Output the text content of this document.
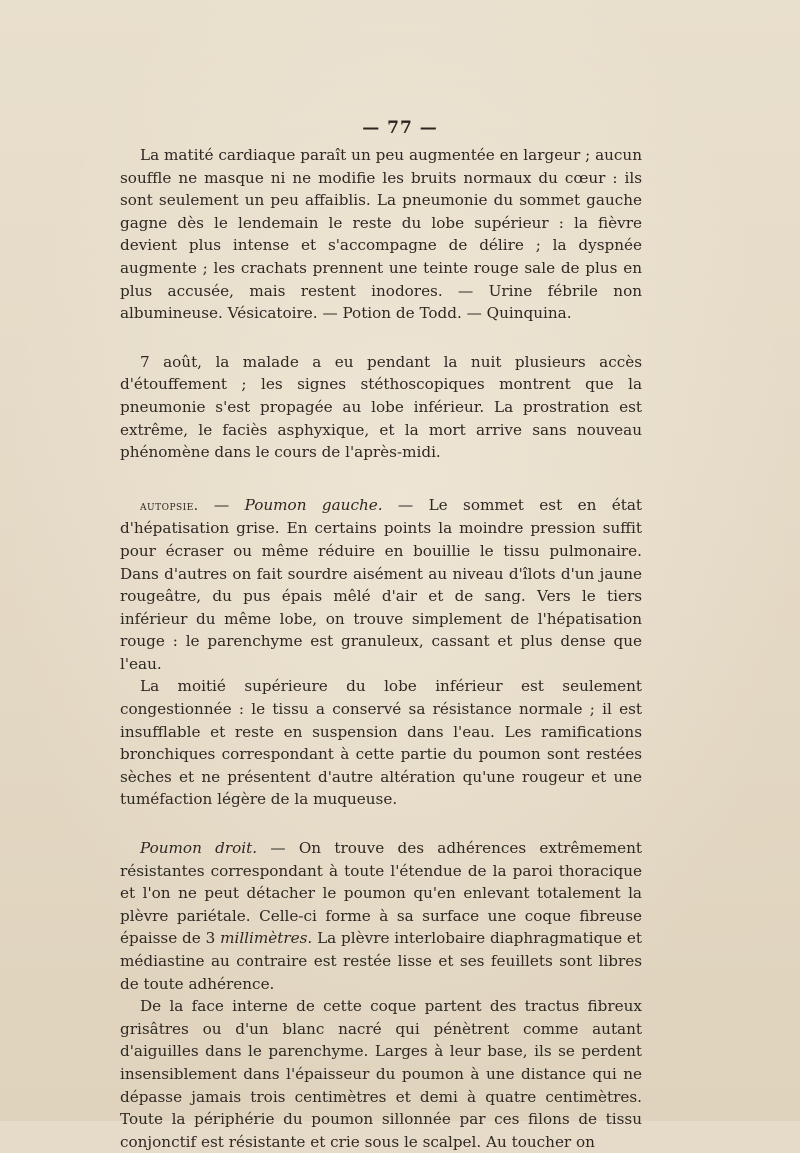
— 77 —

La matité cardiaque paraît un peu augmentée en largeur ; aucun souffle ne masque ni ne modifie les bruits normaux du cœur : ils sont seulement un peu affaiblis. La pneumonie du sommet gauche gagne dès le lendemain le reste du lobe supérieur : la fièvre devient plus intense et s'accompagne de délire ; la dyspnée augmente ; les crachats prennent une teinte rouge sale de plus en plus accusée, mais restent inodores. — Urine fébrile non albumineuse. Vésicatoire. — Potion de Todd. — Quinquina.

7 août, la malade a eu pendant la nuit plusieurs accès d'étouffement ; les signes stéthoscopiques montrent que la pneumonie s'est propagée au lobe inférieur. La prostration est extrême, le faciès asphyxique, et la mort arrive sans nouveau phénomène dans le cours de l'après-midi.

autopsie. — Poumon gauche. — Le sommet est en état d'hépatisation grise. En certains points la moindre pression suffit pour écraser ou même réduire en bouillie le tissu pulmonaire. Dans d'autres on fait sourdre aisément au niveau d'îlots d'un jaune rougeâtre, du pus épais mêlé d'air et de sang. Vers le tiers inférieur du même lobe, on trouve simplement de l'hépatisation rouge : le parenchyme est granuleux, cassant et plus dense que l'eau.

La moitié supérieure du lobe inférieur est seulement congestionnée : le tissu a conservé sa résistance normale ; il est insufflable et reste en suspension dans l'eau. Les ramifications bronchiques correspondant à cette partie du poumon sont restées sèches et ne présentent d'autre altération qu'une rougeur et une tuméfaction légère de la muqueuse.

Poumon droit. — On trouve des adhérences extrêmement résistantes correspondant à toute l'étendue de la paroi thoracique et l'on ne peut détacher le poumon qu'en enlevant totalement la plèvre pariétale. Celle-ci forme à sa surface une coque fibreuse épaisse de 3 millimètres. La plèvre interlobaire diaphragmatique et médiastine au contraire est restée lisse et ses feuillets sont libres de toute adhérence.

De la face interne de cette coque partent des tractus fibreux grisâtres ou d'un blanc nacré qui pénètrent comme autant d'aiguilles dans le parenchyme. Larges à leur base, ils se perdent insensiblement dans l'épaisseur du poumon à une distance qui ne dépasse jamais trois centimètres et demi à quatre centimètres. Toute la périphérie du poumon sillonnée par ces filons de tissu conjonctif est résistante et crie sous le scalpel. Au toucher on
